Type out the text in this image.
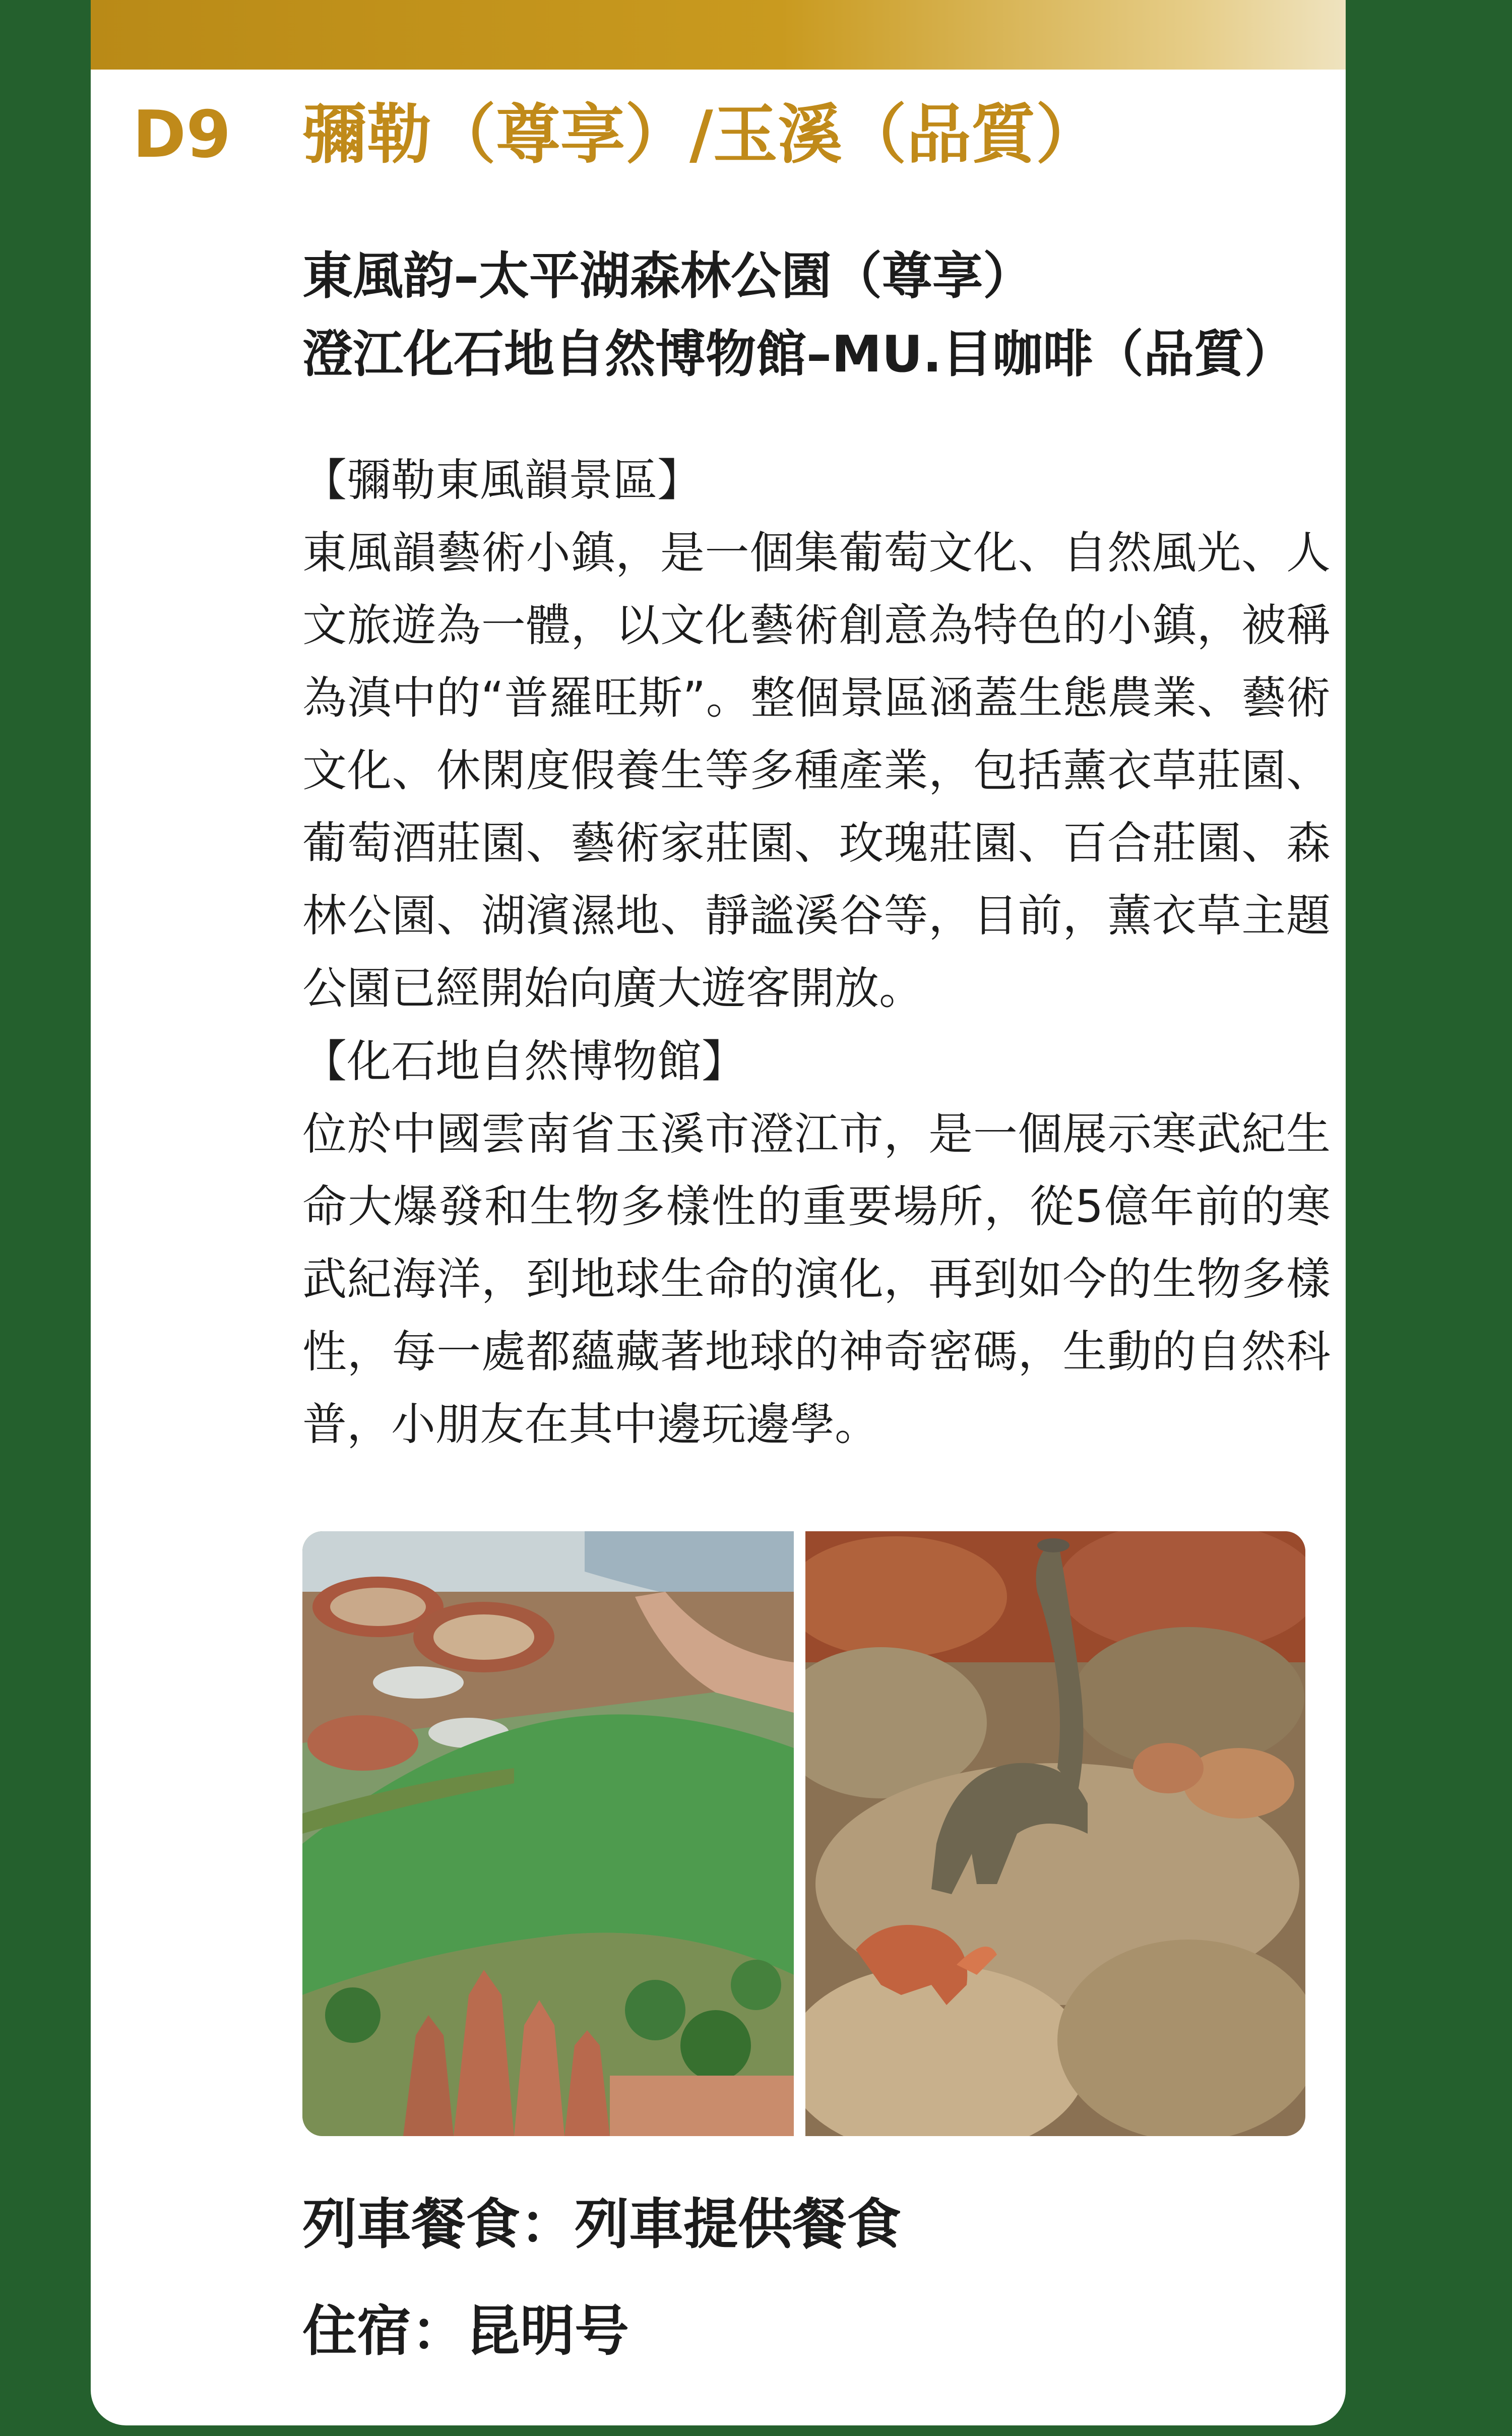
D9 彌勒（尊享）/玉溪（品質）
東風韵–太平湖森林公園（尊享）
澄江化石地自然博物館–MU.目咖啡（品質）
【彌勒東風韻景區】
東風韻藝術小鎮，是一個集葡萄文化、自然風光、人文旅遊為一體，以文化藝術創意為特色的小鎮，被稱為滇中的“普羅旺斯”。整個景區涵蓋生態農業、藝術文化、休閑度假養生等多種產業，包括薰衣草莊園、葡萄酒莊園、藝術家莊園、玫瑰莊園、百合莊園、森林公園、湖濱濕地、靜謐溪谷等，目前，薰衣草主題公園已經開始向廣大遊客開放。
【化石地自然博物館】
位於中國雲南省玉溪市澄江市，是一個展示寒武紀生命大爆發和生物多樣性的重要場所，從5億年前的寒武紀海洋，到地球生命的演化，再到如今的生物多樣性，每一處都蘊藏著地球的神奇密碼，生動的自然科普，小朋友在其中邊玩邊學。
列車餐食：列車提供餐食
住宿：昆明号
